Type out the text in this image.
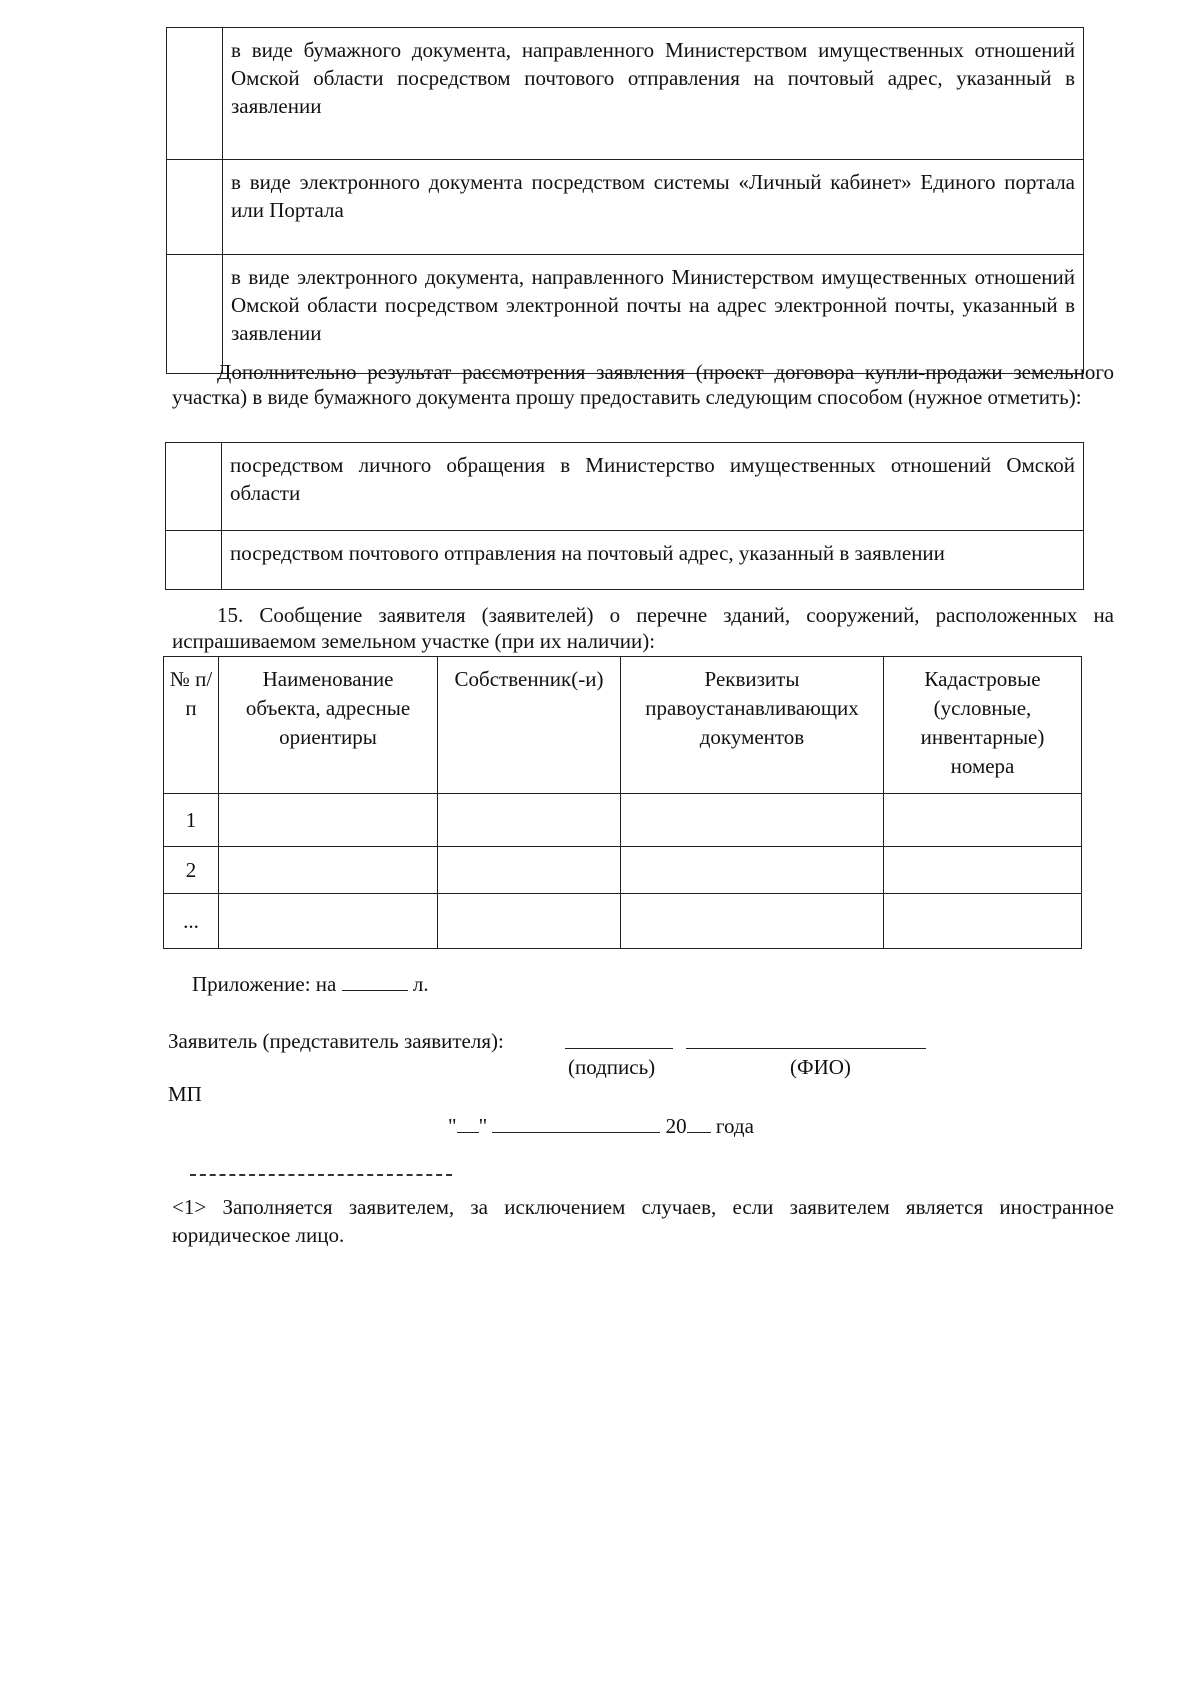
	в виде бумажного документа, направленного Министерством имущественных отношений Омской области посредством почтового отправления на почтовый адрес, указанный в заявлении
	в виде электронного документа посредством системы «Личный кабинет» Единого портала или Портала
	в виде электронного документа, направленного Министерством имущественных отношений Омской области посредством электронной почты на адрес электронной почты, указанный в заявлении
Дополнительно результат рассмотрения заявления (проект договора купли-продажи земельного участка) в виде бумажного документа прошу предоставить следующим способом (нужное отметить):
	посредством личного обращения в Министерство имущественных отношений Омской области
	посредством почтового отправления на почтовый адрес, указанный в заявлении
15. Сообщение заявителя (заявителей) о перечне зданий, сооружений, расположенных на испрашиваемом земельном участке (при их наличии):
№ п/п	Наименование объекта, адресные ориентиры	Собственник(-и)	Реквизиты правоустанавливающих документов	Кадастровые (условные, инвентарные) номера
1				
2				
...				
Приложение: на	л.
Заявитель (представитель заявителя):
(подпись)	(ФИО)
МП
" "	20 года
<1> Заполняется заявителем, за исключением случаев, если заявителем является иностранное юридическое лицо.
